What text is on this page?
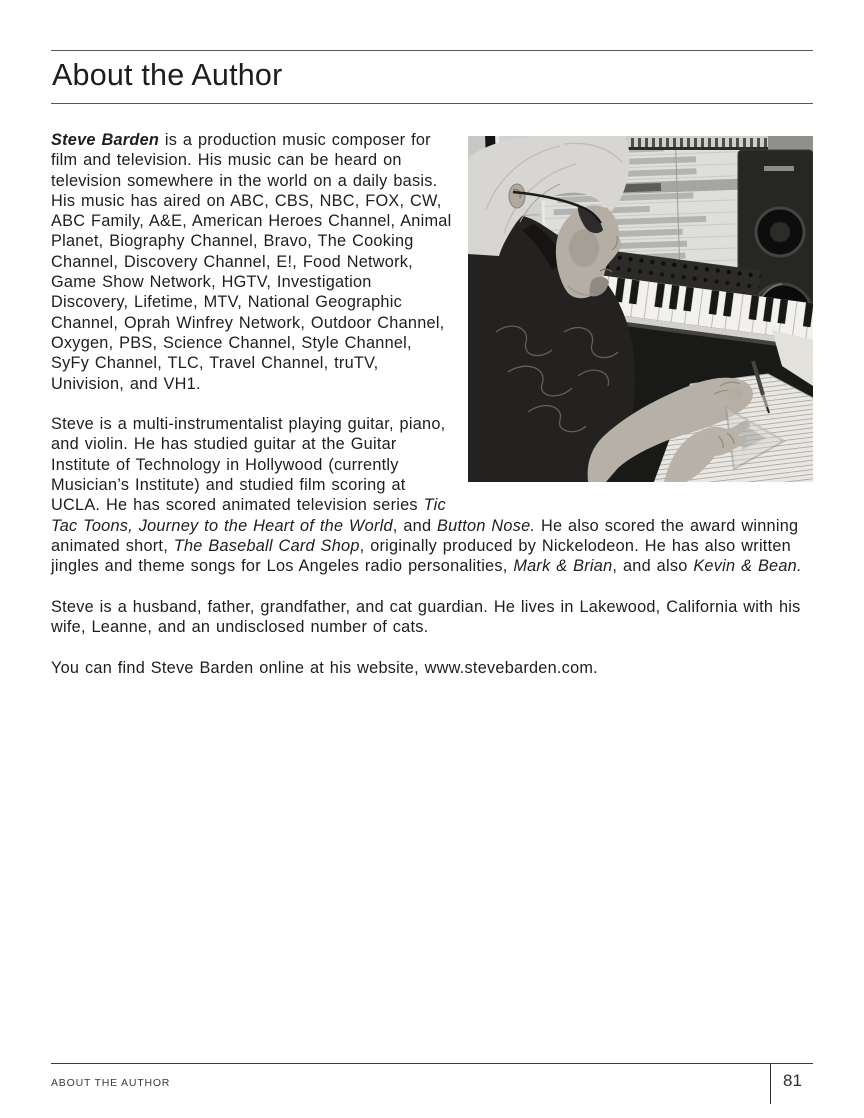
About the Author

Steve Barden is a production music composer for film and television. His music can be heard on television somewhere in the world on a daily basis. His music has aired on ABC, CBS, NBC, FOX, CW, ABC Family, A&E, American Heroes Channel, Animal Planet, Biography Channel, Bravo, The Cooking Channel, Discovery Channel, E!, Food Network, Game Show Network, HGTV, Investigation Discovery, Lifetime, MTV, National Geographic Channel, Oprah Winfrey Network, Outdoor Channel, Oxygen, PBS, Science Channel, Style Channel, SyFy Channel, TLC, Travel Channel, truTV, Univision, and VH1.

Steve is a multi-instrumentalist playing guitar, piano, and violin. He has studied guitar at the Guitar Institute of Technology in Hollywood (currently Musician’s Institute) and studied film scoring at UCLA. He has scored animated television series Tic Tac Toons, Journey to the Heart of the World, and Button Nose. He also scored the award winning animated short, The Baseball Card Shop, originally produced by Nickelodeon. He has also written jingles and theme songs for Los Angeles radio personalities, Mark & Brian, and also Kevin & Bean.

Steve is a husband, father, grandfather, and cat guardian. He lives in Lakewood, California with his wife, Leanne, and an undisclosed number of cats.

You can find Steve Barden online at his website, www.stevebarden.com.

ABOUT THE AUTHOR	81
